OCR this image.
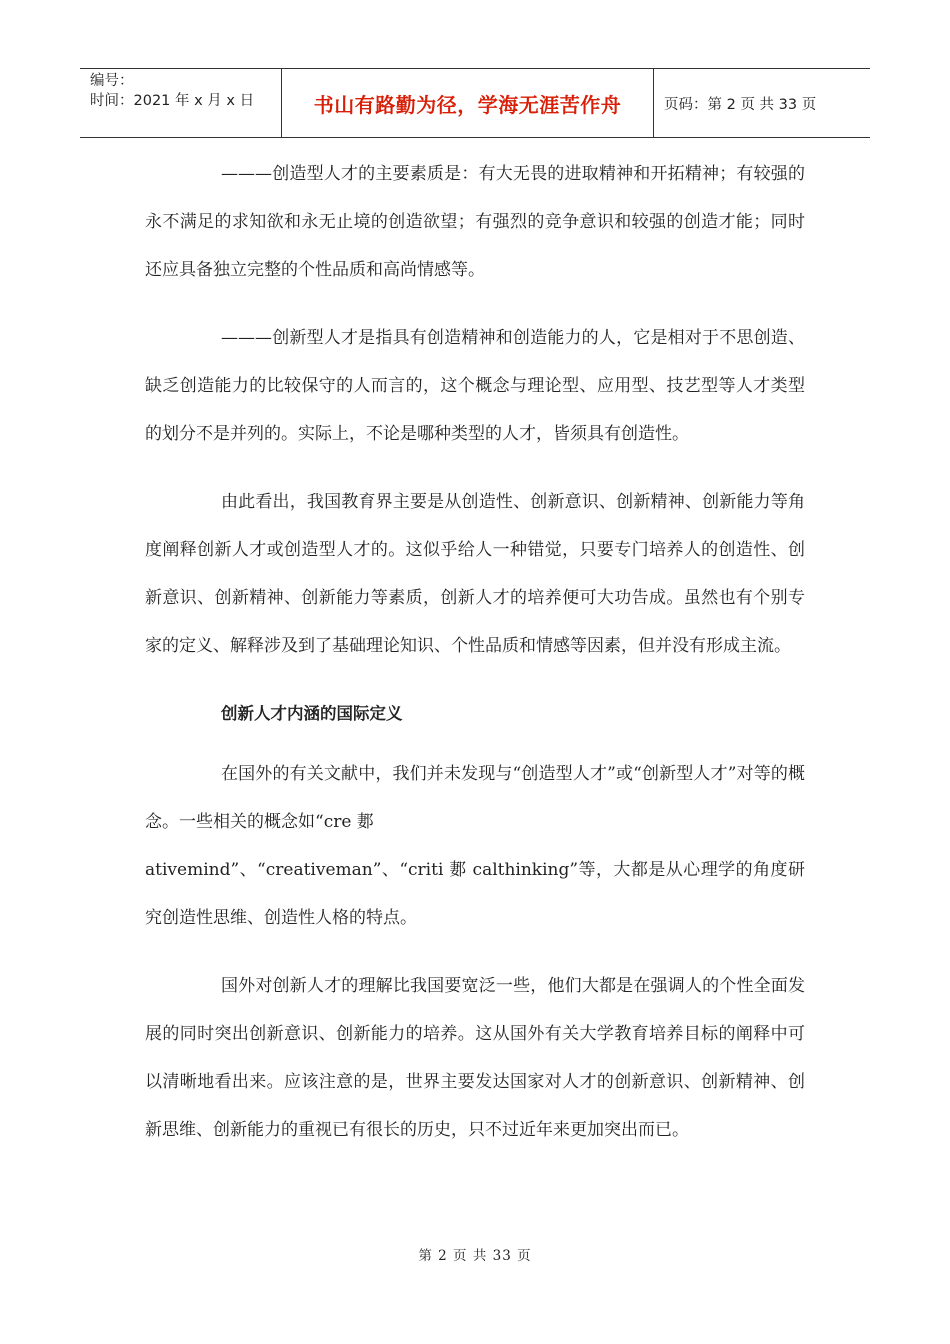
编号：
时间：2021 年 x 月 x 日	书山有路勤为径，学海无涯苦作舟	页码：第 2 页 共 33 页

———创造型人才的主要素质是：有大无畏的进取精神和开拓精神；有较强的永不满足的求知欲和永无止境的创造欲望；有强烈的竞争意识和较强的创造才能；同时还应具备独立完整的个性品质和高尚情感等。

———创新型人才是指具有创造精神和创造能力的人，它是相对于不思创造、缺乏创造能力的比较保守的人而言的，这个概念与理论型、应用型、技艺型等人才类型的划分不是并列的。实际上，不论是哪种类型的人才，皆须具有创造性。

由此看出，我国教育界主要是从创造性、创新意识、创新精神、创新能力等角度阐释创新人才或创造型人才的。这似乎给人一种错觉，只要专门培养人的创造性、创新意识、创新精神、创新能力等素质，创新人才的培养便可大功告成。虽然也有个别专家的定义、解释涉及到了基础理论知识、个性品质和情感等因素，但并没有形成主流。

创新人才内涵的国际定义

在国外的有关文献中，我们并未发现与“创造型人才”或“创新型人才”对等的概念。一些相关的概念如“cre 郪

ativemind”、“creativeman”、“criti 郪 calthinking”等，大都是从心理学的角度研究创造性思维、创造性人格的特点。

国外对创新人才的理解比我国要宽泛一些，他们大都是在强调人的个性全面发展的同时突出创新意识、创新能力的培养。这从国外有关大学教育培养目标的阐释中可以清晰地看出来。应该注意的是，世界主要发达国家对人才的创新意识、创新精神、创新思维、创新能力的重视已有很长的历史，只不过近年来更加突出而已。

第 2 页 共 33 页
